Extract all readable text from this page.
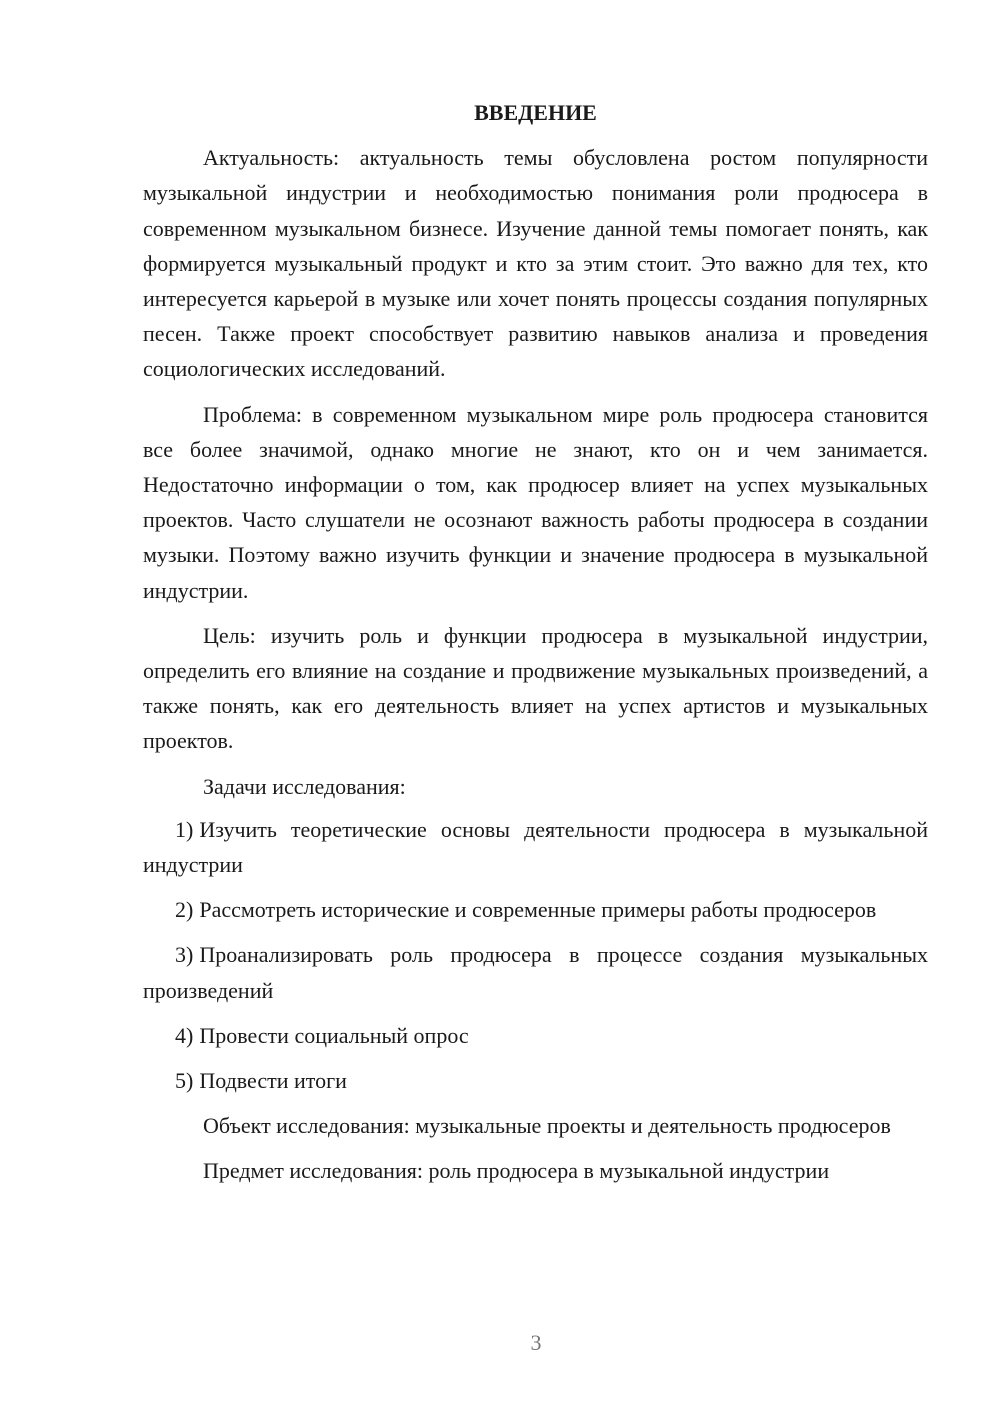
ВВЕДЕНИЕ

Актуальность: актуальность темы обусловлена ростом популярности музыкальной индустрии и необходимостью понимания роли продюсера в современном музыкальном бизнесе. Изучение данной темы помогает понять, как формируется музыкальный продукт и кто за этим стоит. Это важно для тех, кто интересуется карьерой в музыке или хочет понять процессы создания популярных песен. Также проект способствует развитию навыков анализа и проведения социологических исследований.

Проблема: в современном музыкальном мире роль продюсера становится все более значимой, однако многие не знают, кто он и чем занимается. Недостаточно информации о том, как продюсер влияет на успех музыкальных проектов. Часто слушатели не осознают важность работы продюсера в создании музыки. Поэтому важно изучить функции и значение продюсера в музыкальной индустрии.

Цель: изучить роль и функции продюсера в музыкальной индустрии, определить его влияние на создание и продвижение музыкальных произведений, а также понять, как его деятельность влияет на успех артистов и музыкальных проектов.

Задачи исследования:

1) Изучить теоретические основы деятельности продюсера в музыкальной индустрии

2) Рассмотреть исторические и современные примеры работы продюсеров

3) Проанализировать роль продюсера в процессе создания музыкальных произведений

4) Провести социальный опрос

5) Подвести итоги

Объект исследования: музыкальные проекты и деятельность продюсеров

Предмет исследования: роль продюсера в музыкальной индустрии

3
